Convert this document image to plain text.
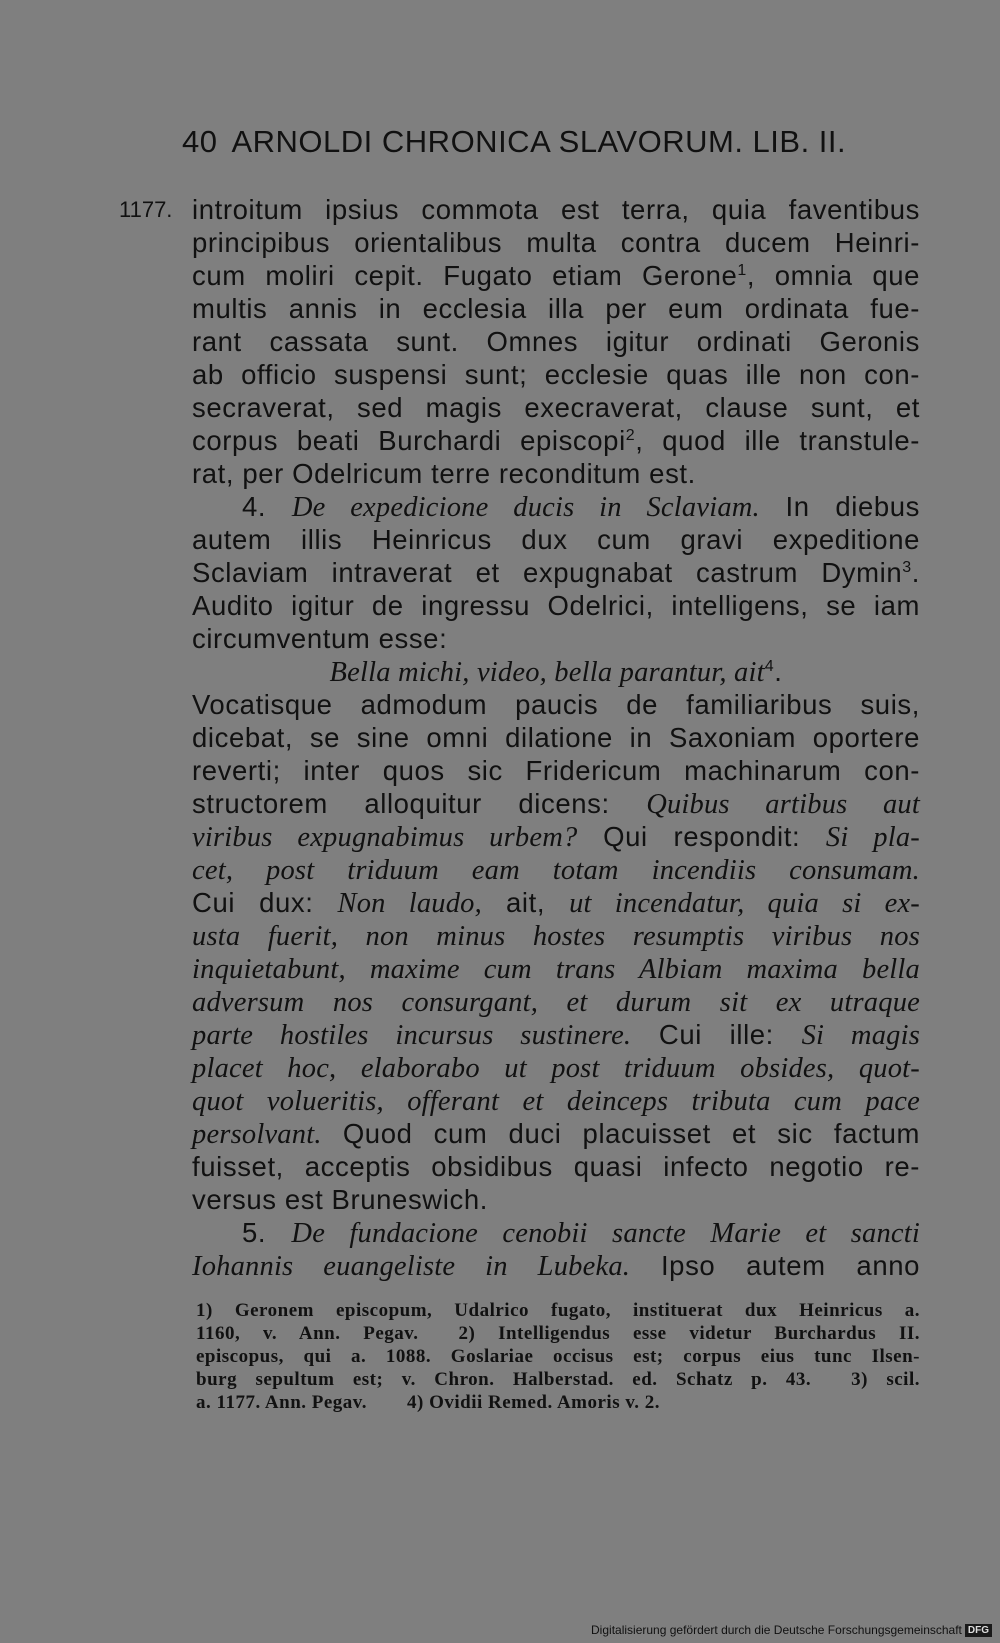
40 ARNOLDI CHRONICA SLAVORUM. LIB. II.
1177. introitum ipsius commota est terra, quia faventibus
principibus orientalibus multa contra ducem Heinri-
cum moliri cepit. Fugato etiam Gerone$^1$, omnia que
multis annis in ecclesia illa per eum ordinata fue-
rant cassata sunt. Omnes igitur ordinati Geronis
ab officio suspensi sunt; ecclesie quas ille non con-
secraverat, sed magis execraverat, clause sunt, et
corpus beati Burchardi episcopi$^2$, quod ille transtule-
rat, per Odelricum terre reconditum est.
4. De expedicione ducis in Sclaviam. In diebus
autem illis Heinricus dux cum gravi expeditione
Sclaviam intraverat et expugnabat castrum Dymin$^3$.
Audito igitur de ingressu Odelrici, intelligens, se iam
circumventum esse:
Bella michi, video, bella parantur, ait$^4$.
Vocatisque admodum paucis de familiaribus suis,
dicebat, se sine omni dilatione in Saxoniam oportere
reverti; inter quos sic Fridericum machinarum con-
structorem alloquitur dicens: Quibus artibus aut
viribus expugnabimus urbem? Qui respondit: Si pla-
cet, post triduum eam totam incendiis consumam.
Cui dux: Non laudo, ait, ut incendatur, quia si ex-
usta fuerit, non minus hostes resumptis viribus nos
inquietabunt, maxime cum trans Albiam maxima bella
adversum nos consurgant, et durum sit ex utraque
parte hostiles incursus sustinere. Cui ille: Si magis
placet hoc, elaborabo ut post triduum obsides, quot-
quot volueritis, offerant et deinceps tributa cum pace
persolvant. Quod cum duci placuisset et sic factum
fuisset, acceptis obsidibus quasi infecto negotio re-
versus est Bruneswich.
5. De fundacione cenobii sancte Marie et sancti
Iohannis euangeliste in Lubeka. Ipso autem anno
1) Geronem episcopum, Udalrico fugato, instituerat dux Heinricus a.
1160, v. Ann. Pegav. 2) Intelligendus esse videtur Burchardus II.
episcopus, qui a. 1088. Goslariae occisus est; corpus eius tunc Ilsen-
burg sepultum est; v. Chron. Halberstad. ed. Schatz p. 43. 3) scil.
a. 1177. Ann. Pegav. 4) Ovidii Remed. Amoris v. 2.
Digitalisierung gefördert durch die Deutsche Forschungsgemeinschaft DFG
